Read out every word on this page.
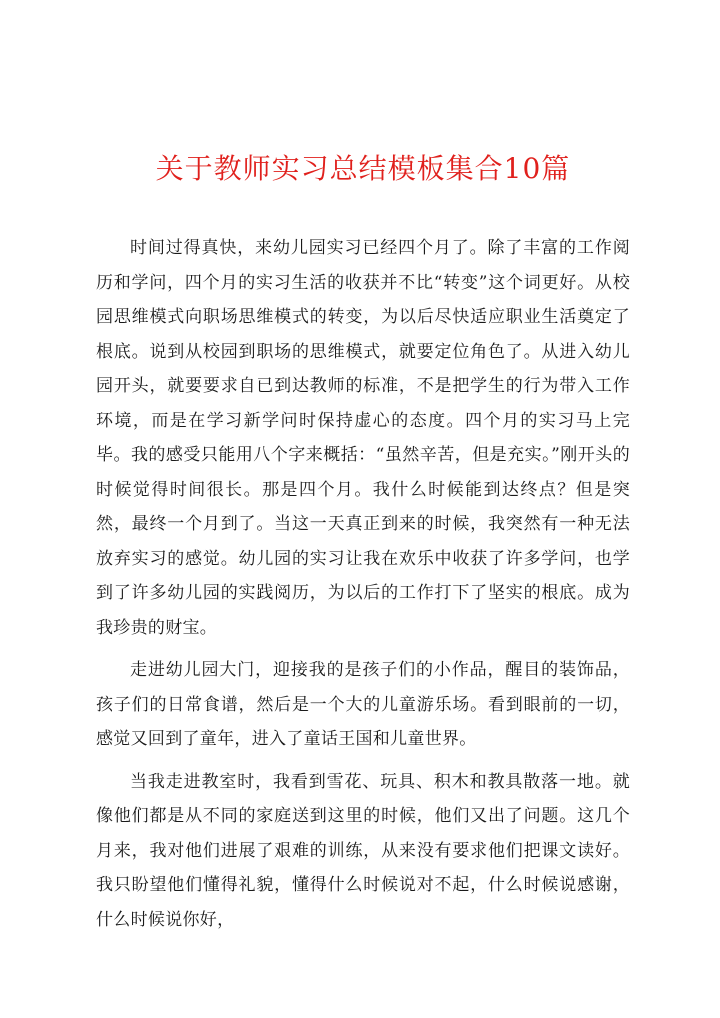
关于教师实习总结模板集合10篇

时间过得真快，来幼儿园实习已经四个月了。除了丰富的工作阅历和学问，四个月的实习生活的收获并不比“转变”这个词更好。从校园思维模式向职场思维模式的转变，为以后尽快适应职业生活奠定了根底。说到从校园到职场的思维模式，就要定位角色了。从进入幼儿园开头，就要要求自已到达教师的标准，不是把学生的行为带入工作环境，而是在学习新学问时保持虚心的态度。四个月的实习马上完毕。我的感受只能用八个字来概括：“虽然辛苦，但是充实。”刚开头的时候觉得时间很长。那是四个月。我什么时候能到达终点？但是突然，最终一个月到了。当这一天真正到来的时候，我突然有一种无法放弃实习的感觉。幼儿园的实习让我在欢乐中收获了许多学问，也学到了许多幼儿园的实践阅历，为以后的工作打下了坚实的根底。成为我珍贵的财宝。

走进幼儿园大门，迎接我的是孩子们的小作品，醒目的装饰品，孩子们的日常食谱，然后是一个大的儿童游乐场。看到眼前的一切，感觉又回到了童年，进入了童话王国和儿童世界。

当我走进教室时，我看到雪花、玩具、积木和教具散落一地。就像他们都是从不同的家庭送到这里的时候，他们又出了问题。这几个月来，我对他们进展了艰难的训练，从来没有要求他们把课文读好。我只盼望他们懂得礼貌，懂得什么时候说对不起，什么时候说感谢，什么时候说你好，
